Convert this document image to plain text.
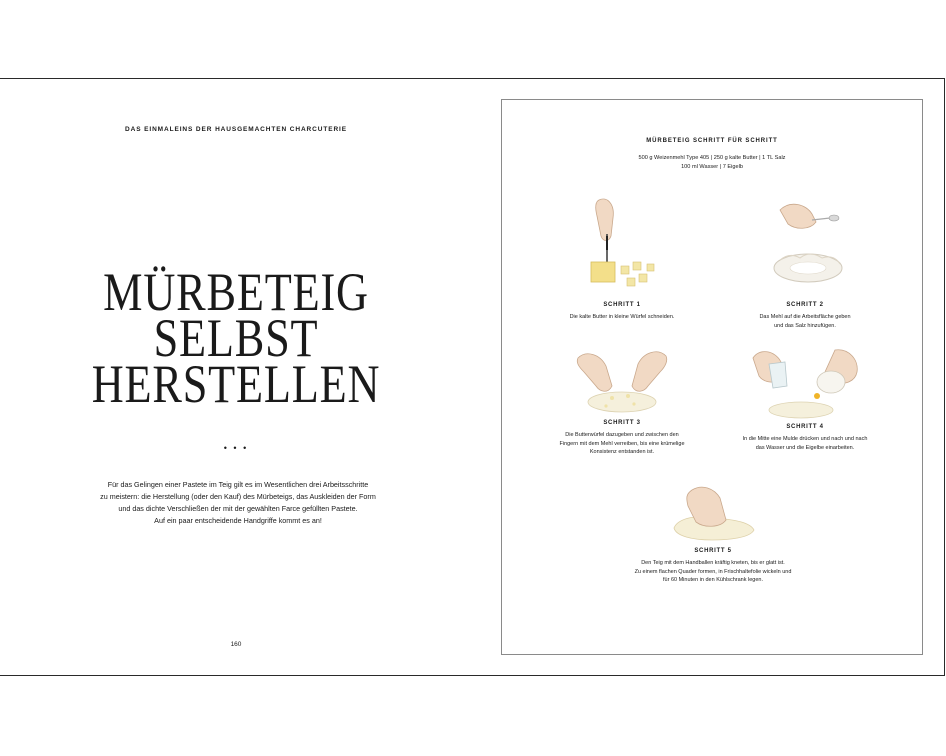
DAS EINMALEINS DER HAUSGEMACHTEN CHARCUTERIE
MÜRBETEIG
SELBST
HERSTELLEN
• • •
Für das Gelingen einer Pastete im Teig gilt es im Wesentlichen drei Arbeitsschritte
zu meistern: die Herstellung (oder den Kauf) des Mürbeteigs, das Auskleiden der Form
und das dichte Verschließen der mit der gewählten Farce gefüllten Pastete.
Auf ein paar entscheidende Handgriffe kommt es an!
160
MÜRBETEIG SCHRITT FÜR SCHRITT
500 g Weizenmehl Type 405 | 250 g kalte Butter | 1 TL Salz
100 ml Wasser | 7 Eigelb
SCHRITT 1
Die kalte Butter in kleine Würfel schneiden.
SCHRITT 2
Das Mehl auf die Arbeitsfläche geben
und das Salz hinzufügen.
SCHRITT 3
Die Butterwürfel dazugeben und zwischen den
Fingern mit dem Mehl verreiben, bis eine krümelige
Konsistenz entstanden ist.
SCHRITT 4
In die Mitte eine Mulde drücken und nach und nach
das Wasser und die Eigelbe einarbeiten.
SCHRITT 5
Den Teig mit dem Handballen kräftig kneten, bis er glatt ist.
Zu einem flachen Quader formen, in Frischhaltefolie wickeln und
für 60 Minuten in den Kühlschrank legen.
